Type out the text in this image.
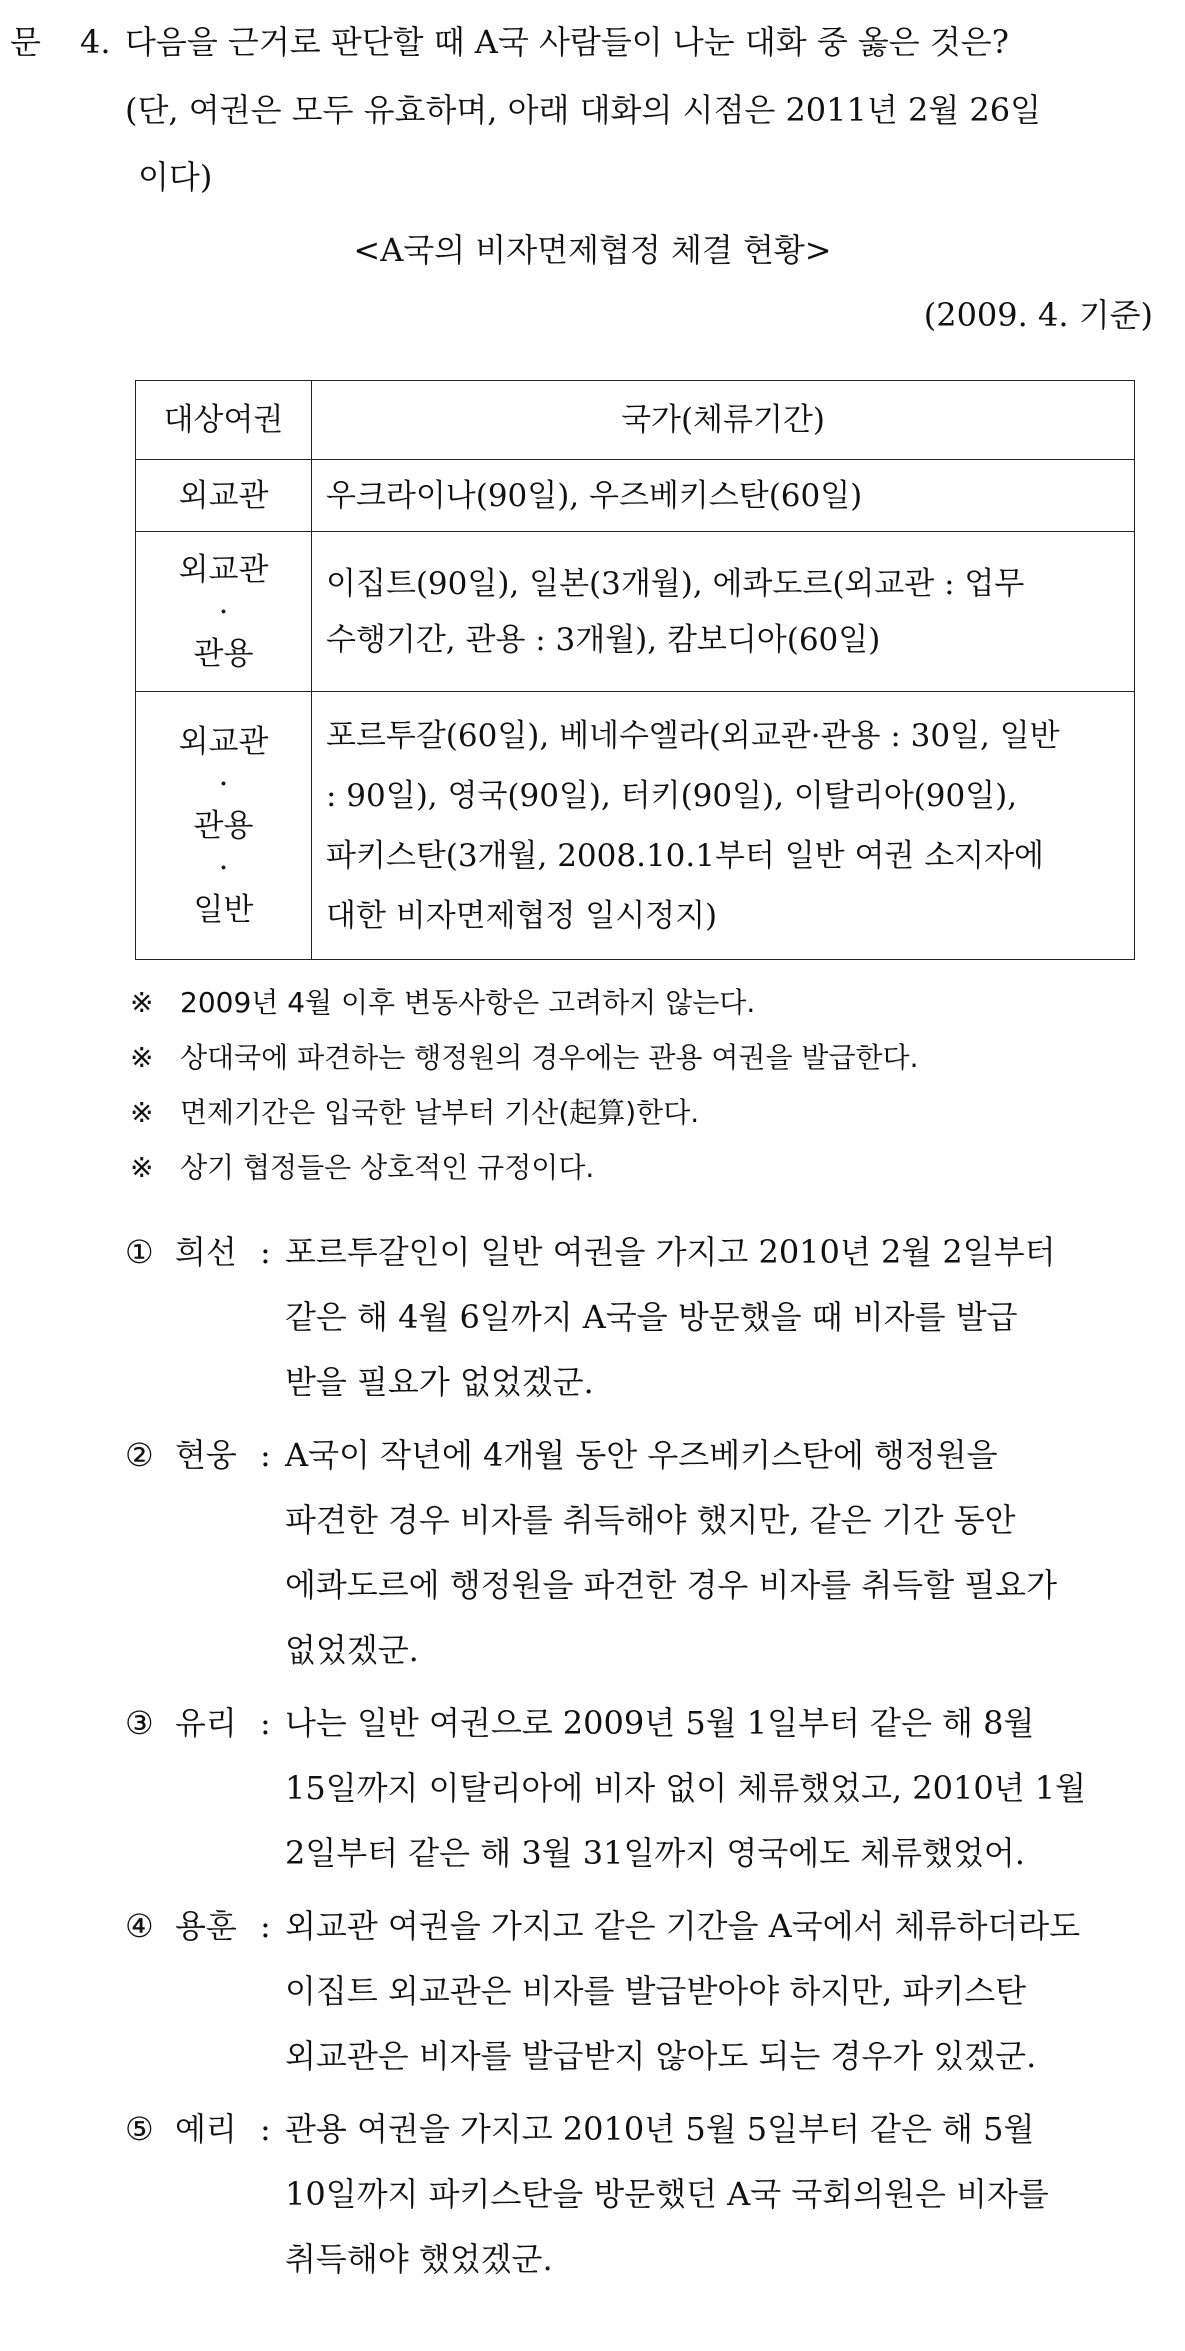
문 4. 다음을 근거로 판단할 때 A국 사람들이 나눈 대화 중 옳은 것은?
(단, 여권은 모두 유효하며, 아래 대화의 시점은 2011년 2월 26일
이다)
<A국의 비자면제협정 체결 현황>
(2009. 4. 기준)
대상여권	국가(체류기간)

외교관	우크라이나(90일), 우즈베키스탄(60일)

외교관
·
관용	이집트(90일), 일본(3개월), 에콰도르(외교관 : 업무
수행기간, 관용 : 3개월), 캄보디아(60일)

외교관
·
관용
·
일반	포르투갈(60일), 베네수엘라(외교관·관용 : 30일, 일반
: 90일), 영국(90일), 터키(90일), 이탈리아(90일),
파키스탄(3개월, 2008.10.1부터 일반 여권 소지자에
대한 비자면제협정 일시정지)
※ 2009년 4월 이후 변동사항은 고려하지 않는다.
※ 상대국에 파견하는 행정원의 경우에는 관용 여권을 발급한다.
※ 면제기간은 입국한 날부터 기산(起算)한다.
※ 상기 협정들은 상호적인 규정이다.
① 희선 : 포르투갈인이 일반 여권을 가지고 2010년 2월 2일부터
같은 해 4월 6일까지 A국을 방문했을 때 비자를 발급
받을 필요가 없었겠군.
② 현웅 : A국이 작년에 4개월 동안 우즈베키스탄에 행정원을
파견한 경우 비자를 취득해야 했지만, 같은 기간 동안
에콰도르에 행정원을 파견한 경우 비자를 취득할 필요가
없었겠군.
③ 유리 : 나는 일반 여권으로 2009년 5월 1일부터 같은 해 8월
15일까지 이탈리아에 비자 없이 체류했었고, 2010년 1월
2일부터 같은 해 3월 31일까지 영국에도 체류했었어.
④ 용훈 : 외교관 여권을 가지고 같은 기간을 A국에서 체류하더라도
이집트 외교관은 비자를 발급받아야 하지만, 파키스탄
외교관은 비자를 발급받지 않아도 되는 경우가 있겠군.
⑤ 예리 : 관용 여권을 가지고 2010년 5월 5일부터 같은 해 5월
10일까지 파키스탄을 방문했던 A국 국회의원은 비자를
취득해야 했었겠군.
